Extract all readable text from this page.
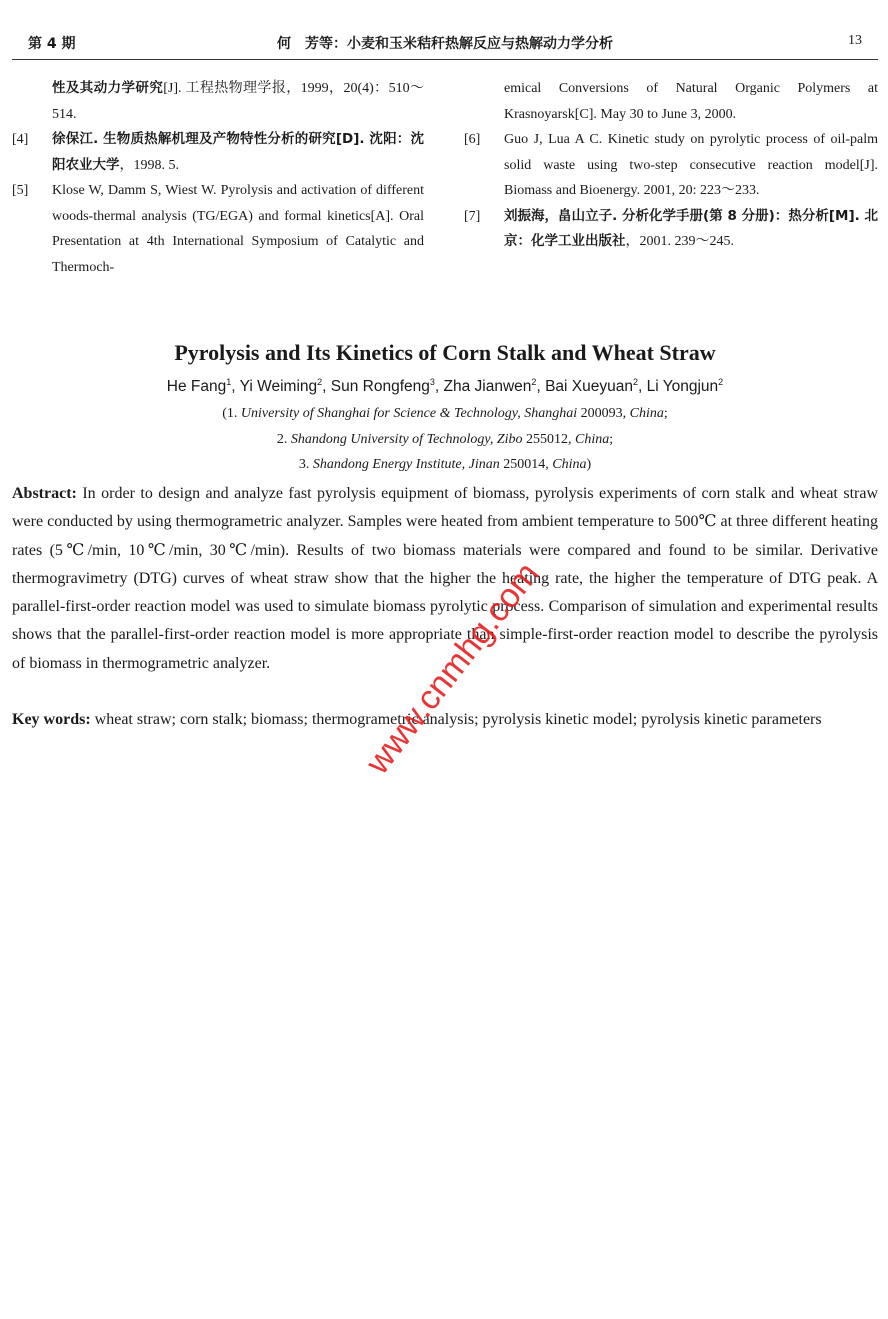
第 4 期	何　芳等：小麦和玉米秸秆热解反应与热解动力学分析	13
性及其动力学研究[J]. 工程热物理学报，1999，20(4)：510～514.
[4]	徐保江. 生物质热解机理及产物特性分析的研究[D]. 沈阳：沈阳农业大学，1998. 5.
[5]	Klose W, Damm S, Wiest W. Pyrolysis and activation of different woods-thermal analysis (TG/EGA) and formal kinetics[A]. Oral Presentation at 4th International Symposium of Catalytic and Thermoch-
emical Conversions of Natural Organic Polymers at Krasnoyarsk[C]. May 30 to June 3, 2000.
[6]	Guo J, Lua A C. Kinetic study on pyrolytic process of oil-palm solid waste using two-step consecutive reaction model[J]. Biomass and Bioenergy. 2001, 20: 223～233.
[7]	刘振海，畠山立子. 分析化学手册(第 8 分册)：热分析[M]. 北京：化学工业出版社，2001. 239～245.
Pyrolysis and Its Kinetics of Corn Stalk and Wheat Straw
He Fang$^1$, Yi Weiming$^2$, Sun Rongfeng$^3$, Zha Jianwen$^2$, Bai Xueyuan$^2$, Li Yongjun$^2$
(1. University of Shanghai for Science & Technology, Shanghai 200093, China;
2. Shandong University of Technology, Zibo 255012, China;
3. Shandong Energy Institute, Jinan 250014, China)
Abstract: In order to design and analyze fast pyrolysis equipment of biomass, pyrolysis experiments of corn stalk and wheat straw were conducted by using thermogrametric analyzer. Samples were heated from ambient temperature to 500℃ at three different heating rates (5℃/min, 10℃/min, 30℃/min). Results of two biomass materials were compared and found to be similar. Derivative thermogravimetry (DTG) curves of wheat straw show that the higher the heating rate, the higher the temperature of DTG peak. A parallel-first-order reaction model was used to simulate biomass pyrolytic process. Comparison of simulation and experimental results shows that the parallel-first-order reaction model is more appropriate than simple-first-order reaction model to describe the pyrolysis of biomass in thermogrametric analyzer.
Key words: wheat straw; corn stalk; biomass; thermogrametric analysis; pyrolysis kinetic model; pyrolysis kinetic parameters
www.cnmhg.com
